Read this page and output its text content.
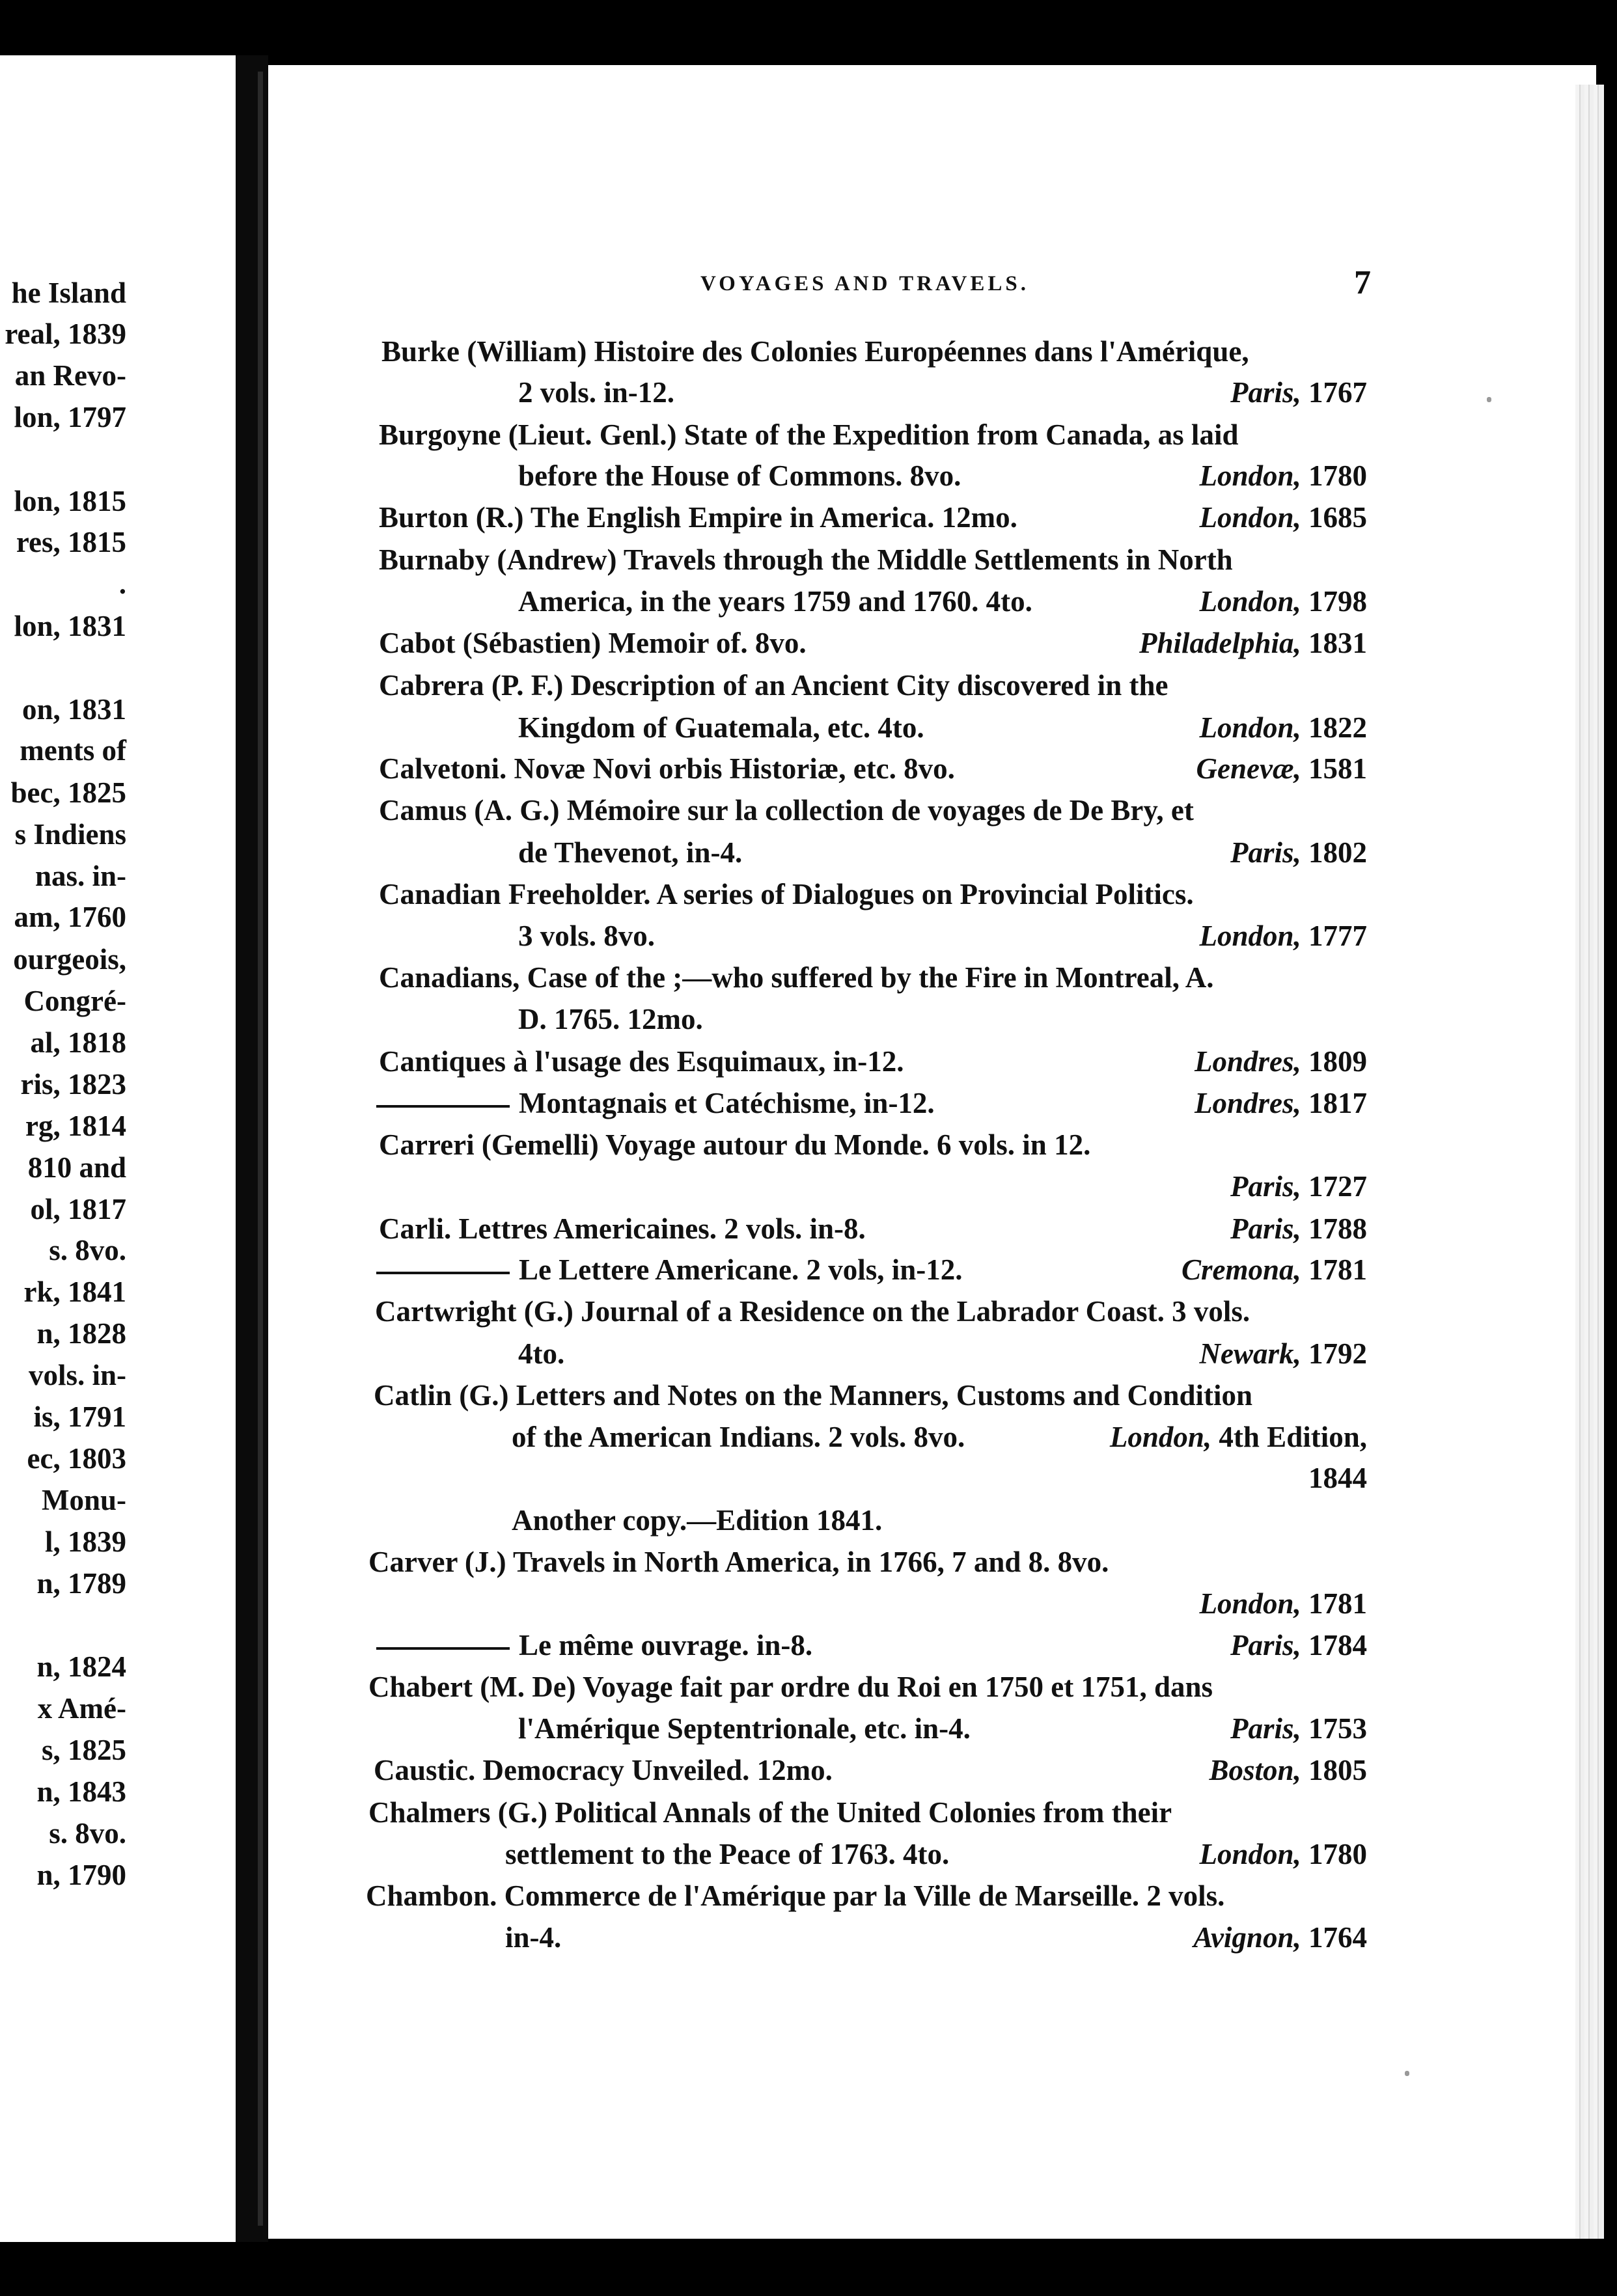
he Island
real, 1839
an Revo-
lon, 1797
lon, 1815
res, 1815
.
lon, 1831
on, 1831
ments of
bec, 1825
s Indiens
nas. in-
am, 1760
ourgeois,
Congré-
al, 1818
ris, 1823
rg, 1814
810 and
ol, 1817
s. 8vo.
rk, 1841
n, 1828
vols. in-
is, 1791
ec, 1803
Monu-
l, 1839
n, 1789
n, 1824
x Amé-
s, 1825
n, 1843
s. 8vo.
n, 1790
VOYAGES AND TRAVELS.	7
Burke (William) Histoire des Colonies Européennes dans l'Amérique,
2 vols. in-12.	Paris, 1767
Burgoyne (Lieut. Genl.) State of the Expedition from Canada, as laid
before the House of Commons. 8vo.	London, 1780
Burton (R.) The English Empire in America. 12mo.	London, 1685
Burnaby (Andrew) Travels through the Middle Settlements in North
America, in the years 1759 and 1760. 4to.	London, 1798
Cabot (Sébastien) Memoir of. 8vo.	Philadelphia, 1831
Cabrera (P. F.) Description of an Ancient City discovered in the
Kingdom of Guatemala, etc. 4to.	London, 1822
Calvetoni. Novæ Novi orbis Historiæ, etc. 8vo.	Genevæ, 1581
Camus (A. G.) Mémoire sur la collection de voyages de De Bry, et
de Thevenot, in-4.	Paris, 1802
Canadian Freeholder. A series of Dialogues on Provincial Politics.
3 vols. 8vo.	London, 1777
Canadians, Case of the ;—who suffered by the Fire in Montreal, A.
D. 1765. 12mo.
Cantiques à l'usage des Esquimaux, in-12.	Londres, 1809
Montagnais et Catéchisme, in-12.	Londres, 1817
Carreri (Gemelli) Voyage autour du Monde. 6 vols. in 12.
Paris, 1727
Carli. Lettres Americaines. 2 vols. in-8.	Paris, 1788
Le Lettere Americane. 2 vols, in-12.	Cremona, 1781
Cartwright (G.) Journal of a Residence on the Labrador Coast. 3 vols.
4to.	Newark, 1792
Catlin (G.) Letters and Notes on the Manners, Customs and Condition
of the American Indians. 2 vols. 8vo.	London, 4th Edition,
1844
Another copy.—Edition 1841.
Carver (J.) Travels in North America, in 1766, 7 and 8. 8vo.
London, 1781
Le même ouvrage. in-8.	Paris, 1784
Chabert (M. De) Voyage fait par ordre du Roi en 1750 et 1751, dans
l'Amérique Septentrionale, etc. in-4.	Paris, 1753
Caustic. Democracy Unveiled. 12mo.	Boston, 1805
Chalmers (G.) Political Annals of the United Colonies from their
settlement to the Peace of 1763. 4to.	London, 1780
Chambon. Commerce de l'Amérique par la Ville de Marseille. 2 vols.
in-4.	Avignon, 1764
